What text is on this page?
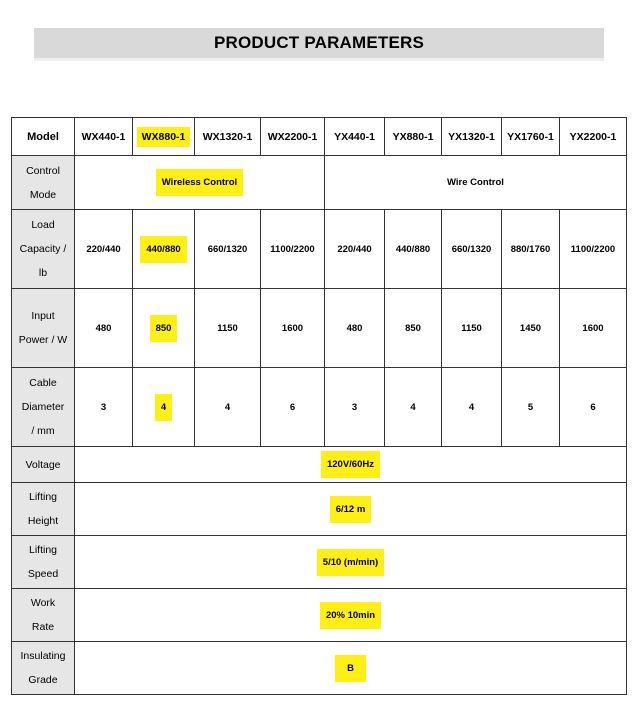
PRODUCT PARAMETERS
Model	WX440-1	WX880-1	WX1320-1	WX2200-1	YX440-1	YX880-1	YX1320-1	YX1760-1	YX2200-1

Control
Mode	Wireless Control				Wire Control				

Load
Capacity /
lb	220/440	440/880	660/1320	1100/2200	220/440	440/880	660/1320	880/1760	1100/2200

Input
Power / W	480	850	1150	1600	480	850	1150	1450	1600

Cable
Diameter
/ mm	3	4	4	6	3	4	4	5	6

Voltage	120V/60Hz								

Lifting
Height	6/12 m								

Lifting
Speed	5/10 (m/min)								

Work
Rate	20% 10min								

Insulating
Grade	B								
